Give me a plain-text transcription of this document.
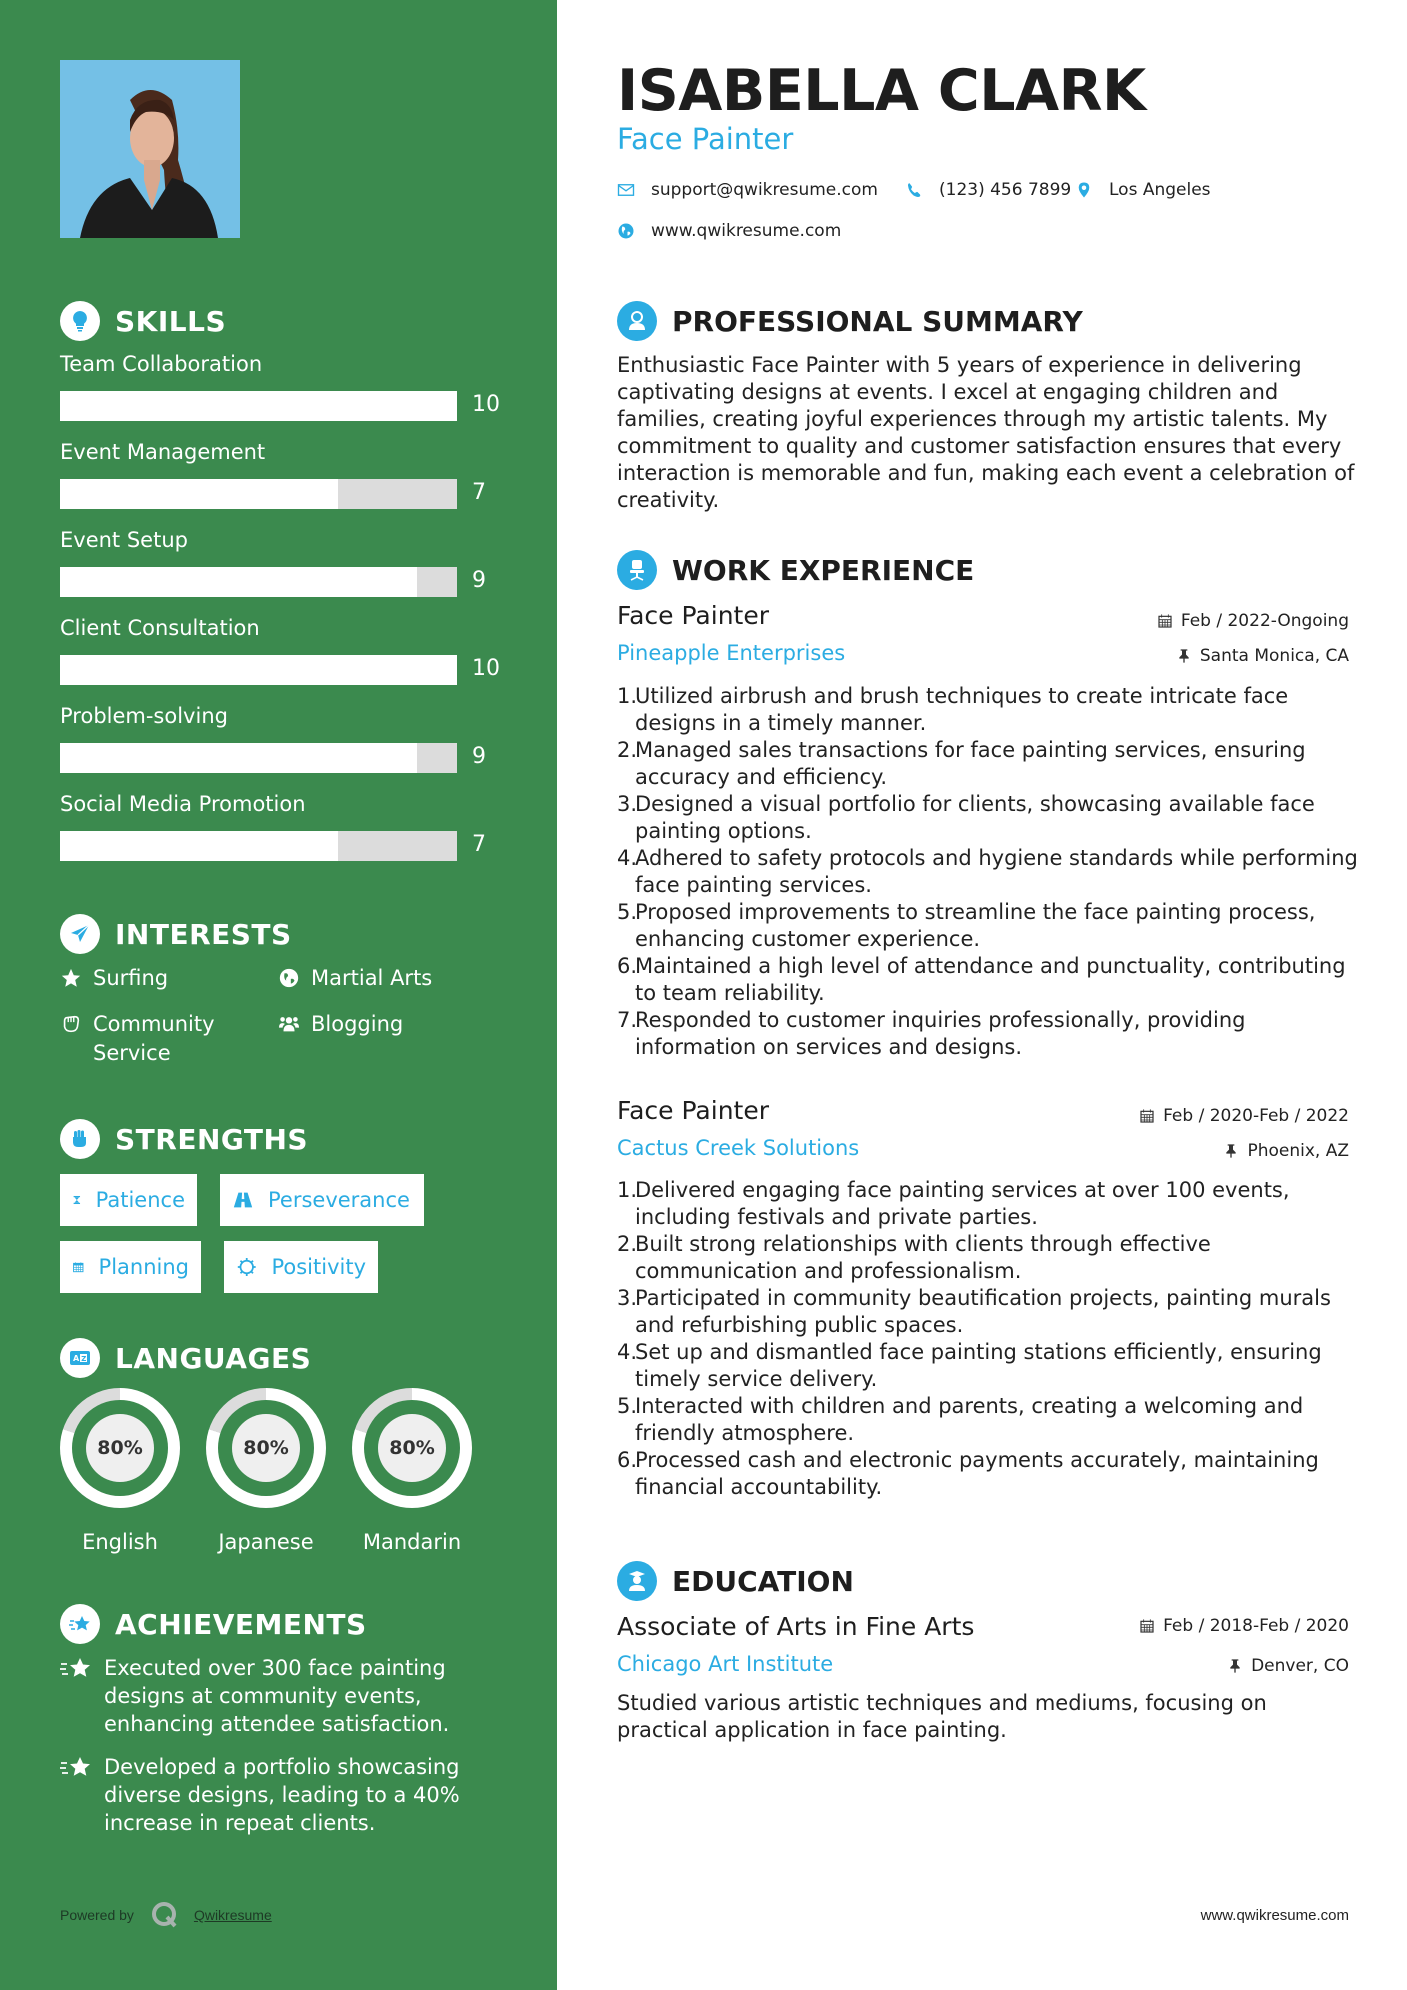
SKILLS
Team Collaboration
10
Event Management
7
Event Setup
9
Client Consultation
10
Problem-solving
9
Social Media Promotion
7
INTERESTS
Surfing	Martial Arts
Community Service
Blogging
STRENGTHS
Patience	Perseverance
Planning	Positivity
A Z LANGUAGES
80%
English
80%
Japanese
80%
Mandarin
ACHIEVEMENTS
Executed over 300 face painting designs at community events, enhancing attendee satisfaction.
Developed a portfolio showcasing diverse designs, leading to a 40% increase in repeat clients.
Powered by	Qwikresume
ISABELLA CLARK
Face Painter
support@qwikresume.com	(123) 456 7899 Los Angeles
www.qwikresume.com
PROFESSIONAL SUMMARY
Enthusiastic Face Painter with 5 years of experience in delivering captivating designs at events. I excel at engaging children and families, creating joyful experiences through my artistic talents. My commitment to quality and customer satisfaction ensures that every interaction is memorable and fun, making each event a celebration of creativity.
WORK EXPERIENCE
Face Painter	Feb / 2022-Ongoing
Pineapple Enterprises	Santa Monica, CA
1.
Utilized airbrush and brush techniques to create intricate face designs in a timely manner.
2.
Managed sales transactions for face painting services, ensuring accuracy and efficiency.
3.
Designed a visual portfolio for clients, showcasing available face painting options.
4.
Adhered to safety protocols and hygiene standards while performing face painting services.
5.
Proposed improvements to streamline the face painting process, enhancing customer experience.
6.
Maintained a high level of attendance and punctuality, contributing to team reliability.
7.
Responded to customer inquiries professionally, providing information on services and designs.
Face Painter	Feb / 2020-Feb / 2022
Cactus Creek Solutions	Phoenix, AZ
1.
Delivered engaging face painting services at over 100 events, including festivals and private parties.
2.
Built strong relationships with clients through effective communication and professionalism.
3.
Participated in community beautification projects, painting murals and refurbishing public spaces.
4.
Set up and dismantled face painting stations efficiently, ensuring timely service delivery.
5.
Interacted with children and parents, creating a welcoming and friendly atmosphere.
6.
Processed cash and electronic payments accurately, maintaining financial accountability.
EDUCATION
Associate of Arts in Fine Arts	Feb / 2018-Feb / 2020
Chicago Art Institute	Denver, CO
Studied various artistic techniques and mediums, focusing on practical application in face painting.
www.qwikresume.com
